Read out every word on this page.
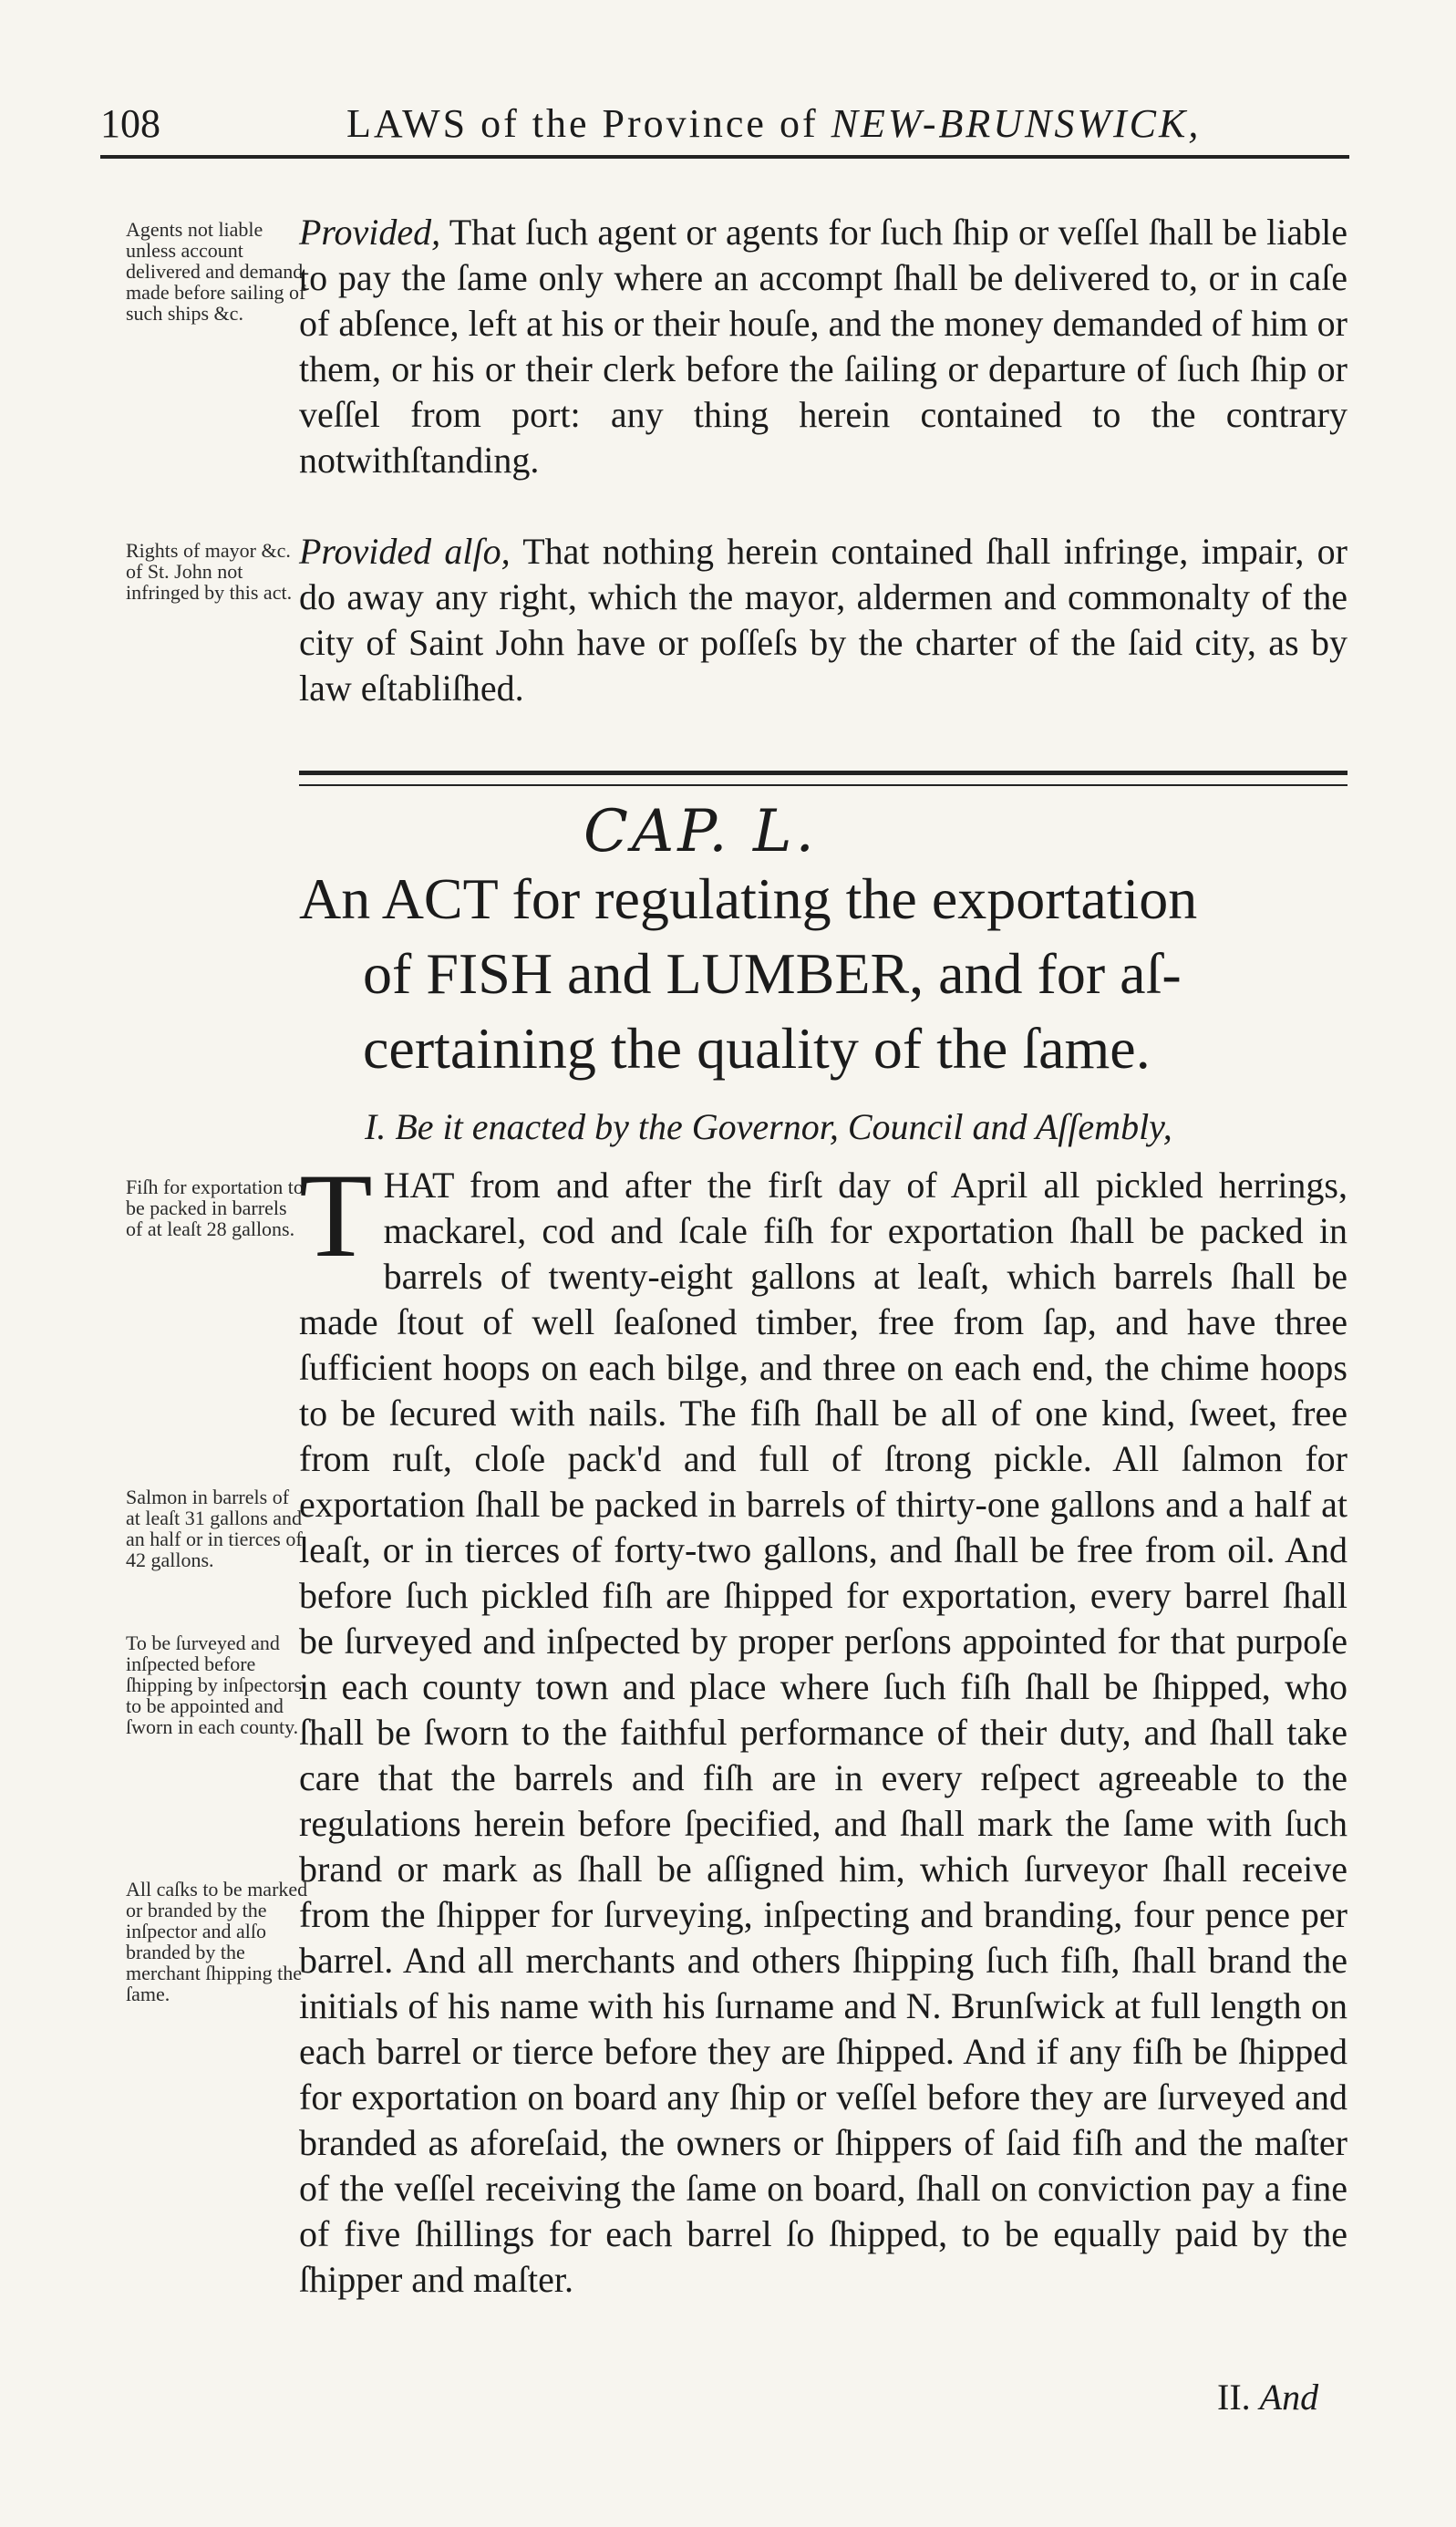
108	LAWS of the Province of NEW-BRUNSWICK,
Agents not liable unless account delivered and demand made before sailing of such ships &c.
Provided, That ſuch agent or agents for ſuch ſhip or veſſel ſhall be liable to pay the ſame only where an accompt ſhall be delivered to, or in caſe of abſence, left at his or their houſe, and the money demanded of him or them, or his or their clerk before the ſailing or departure of ſuch ſhip or veſſel from port: any thing herein contained to the contrary notwithſtanding.
Rights of mayor &c. of St. John not infringed by this act.
Provided alſo, That nothing herein contained ſhall infringe, impair, or do away any right, which the mayor, aldermen and commonalty of the city of Saint John have or poſſeſs by the charter of the ſaid city, as by law eſtabliſhed.
CAP. L.
An ACT for regulating the exportation
of FISH and LUMBER, and for aſ-
certaining the quality of the ſame.
I. Be it enacted by the Governor, Council and Aſſembly,
Fiſh for exportation to be packed in barrels of at leaſt 28 gallons.
Salmon in barrels of at leaſt 31 gallons and an half or in tierces of 42 gallons.
To be ſurveyed and inſpected before ſhipping by inſpectors to be appointed and ſworn in each county.
All caſks to be marked or branded by the inſpector and alſo branded by the merchant ſhipping the ſame.
THAT from and after the firſt day of April all pickled herrings, mackarel, cod and ſcale fiſh for exportation ſhall be packed in barrels of twenty-eight gallons at leaſt, which barrels ſhall be made ſtout of well ſeaſoned timber, free from ſap, and have three ſufficient hoops on each bilge, and three on each end, the chime hoops to be ſecured with nails. The fiſh ſhall be all of one kind, ſweet, free from ruſt, cloſe pack'd and full of ſtrong pickle. All ſalmon for exportation ſhall be packed in barrels of thirty-one gallons and a half at leaſt, or in tierces of forty-two gallons, and ſhall be free from oil. And before ſuch pickled fiſh are ſhipped for exportation, every barrel ſhall be ſurveyed and inſpected by proper perſons appointed for that purpoſe in each county town and place where ſuch fiſh ſhall be ſhipped, who ſhall be ſworn to the faithful performance of their duty, and ſhall take care that the barrels and fiſh are in every reſpect agreeable to the regulations herein before ſpecified, and ſhall mark the ſame with ſuch brand or mark as ſhall be aſſigned him, which ſurveyor ſhall receive from the ſhipper for ſurveying, inſpecting and branding, four pence per barrel. And all merchants and others ſhipping ſuch fiſh, ſhall brand the initials of his name with his ſurname and N. Brunſwick at full length on each barrel or tierce before they are ſhipped. And if any fiſh be ſhipped for exportation on board any ſhip or veſſel before they are ſurveyed and branded as aforeſaid, the owners or ſhippers of ſaid fiſh and the maſter of the veſſel receiving the ſame on board, ſhall on conviction pay a fine of five ſhillings for each barrel ſo ſhipped, to be equally paid by the ſhipper and maſter.
II. And
